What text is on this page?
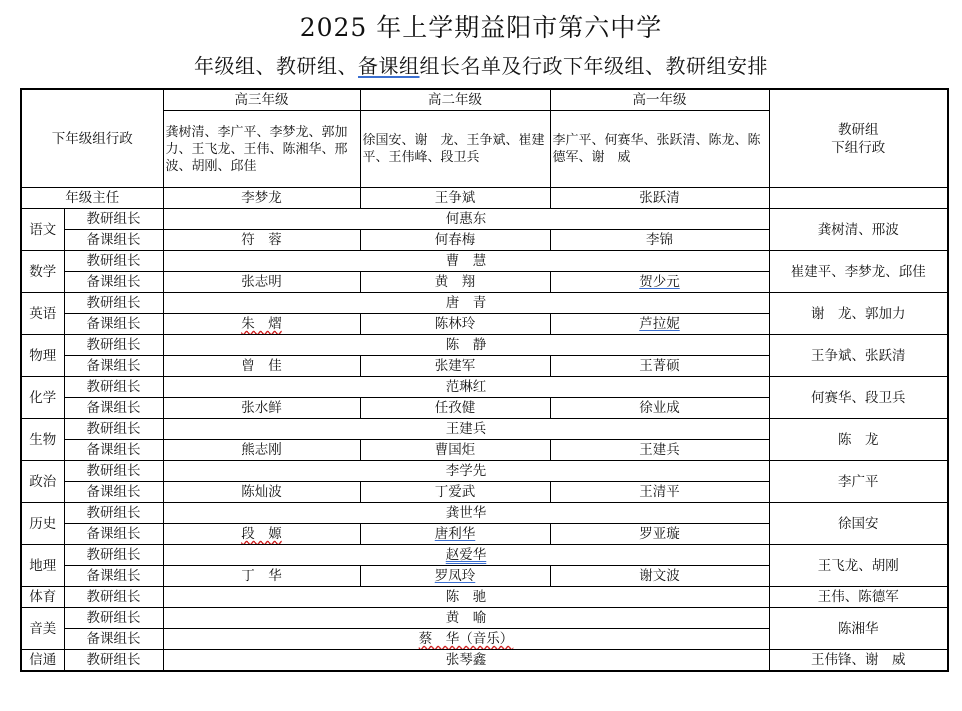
2025 年上学期益阳市第六中学
年级组、教研组、备课组组长名单及行政下年级组、教研组安排
下年级组行政		高三年级	高二年级	高一年级	教研组
下组行政

		龚树清、李广平、李梦龙、郭加力、王飞龙、王伟、陈湘华、邢波、胡刚、邱佳	徐国安、谢　龙、王争斌、崔建平、王伟峰、段卫兵	李广平、何赛华、张跃清、陈龙、陈德军、谢　威	
年级主任		李梦龙	王争斌	张跃清	
语文	教研组长	何惠东			龚树清、邢波
	备课组长	符　蓉	何春梅	李锦	
数学	教研组长	曹　慧			崔建平、李梦龙、邱佳
	备课组长	张志明	黄　翔	贺少元	
英语	教研组长	唐　青			谢　龙、郭加力
	备课组长	朱　熠	陈林玲	芦拉妮	
物理	教研组长	陈　静			王争斌、张跃清
	备课组长	曾　佳	张建军	王菁硕	
化学	教研组长	范琳红			何赛华、段卫兵
	备课组长	张水鲜	任孜健	徐业成	
生物	教研组长	王建兵			陈　龙
	备课组长	熊志刚	曹国炬	王建兵	
政治	教研组长	李学先			李广平
	备课组长	陈灿波	丁爱武	王清平	
历史	教研组长	龚世华			徐国安
	备课组长	段　嫄	唐利华	罗亚璇	
地理	教研组长	赵爱华			王飞龙、胡刚
	备课组长	丁　华	罗凤玲	谢文波	
体育	教研组长	陈　驰			王伟、陈德军
音美	教研组长	黄　喻			陈湘华
	备课组长	蔡　华（音乐）			
信通	教研组长	张琴鑫			王伟锋、谢　威
